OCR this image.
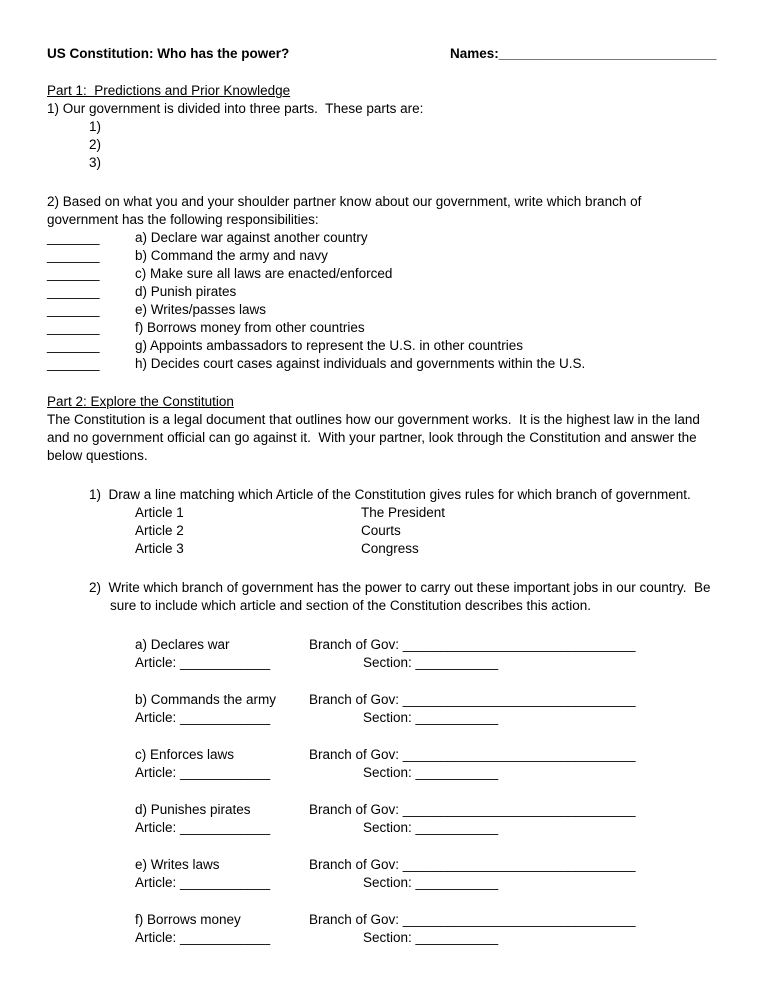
US Constitution: Who has the power?	Names:_____________________________
Part 1:  Predictions and Prior Knowledge
1) Our government is divided into three parts.  These parts are:
1)
2)
3)
2) Based on what you and your shoulder partner know about our government, write which branch of
government has the following responsibilities:
_______	a) Declare war against another country
_______	b) Command the army and navy
_______	c) Make sure all laws are enacted/enforced
_______	d) Punish pirates
_______	e) Writes/passes laws
_______	f) Borrows money from other countries
_______	g) Appoints ambassadors to represent the U.S. in other countries
_______	h) Decides court cases against individuals and governments within the U.S.
Part 2: Explore the Constitution
The Constitution is a legal document that outlines how our government works.  It is the highest law in the land
and no government official can go against it.  With your partner, look through the Constitution and answer the
below questions.
1)  Draw a line matching which Article of the Constitution gives rules for which branch of government.
Article 1	The President
Article 2	Courts
Article 3	Congress
2)  Write which branch of government has the power to carry out these important jobs in our country.  Be
sure to include which article and section of the Constitution describes this action.
a) Declares war	Branch of Gov: _______________________________
Article: ____________	Section: ___________
b) Commands the army Branch of Gov: _______________________________
Article: ____________	Section: ___________
c) Enforces laws	Branch of Gov: _______________________________
Article: ____________	Section: ___________
d) Punishes pirates	Branch of Gov: _______________________________
Article: ____________	Section: ___________
e) Writes laws	Branch of Gov: _______________________________
Article: ____________	Section: ___________
f) Borrows money	Branch of Gov: _______________________________
Article: ____________	Section: ___________
